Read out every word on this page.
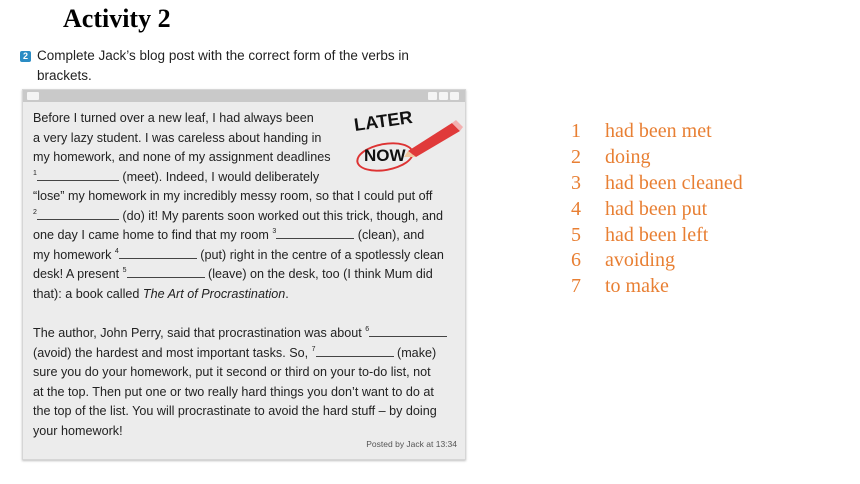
Activity 2
2 Complete Jack’s blog post with the correct form of the verbs in
brackets.

Before I turned over a new leaf, I had always been
a very lazy student. I was careless about handing in
my homework, and none of my assignment deadlines
$^1$	(meet). Indeed, I would deliberately
“lose” my homework in my incredibly messy room, so that I could put off
$^2$	(do) it! My parents soon worked out this trick, though, and
one day I came home to find that my room $^3$	(clean), and
my homework $^4$	(put) right in the centre of a spotlessly clean
desk! A present $^5$	(leave) on the desk, too (I think Mum did
that): a book called The Art of Procrastination.

The author, John Perry, said that procrastination was about $^6$
(avoid) the hardest and most important tasks. So, $^7$	(make)
sure you do your homework, put it second or third on your to-do list, not
at the top. Then put one or two really hard things you don’t want to do at
the top of the list. You will procrastinate to avoid the hard stuff – by doing
your homework!

Posted by Jack at 13:34
LATER
NOW
1 had been met
2 doing
3 had been cleaned
4 had been put
5 had been left
6 avoiding
7 to make
